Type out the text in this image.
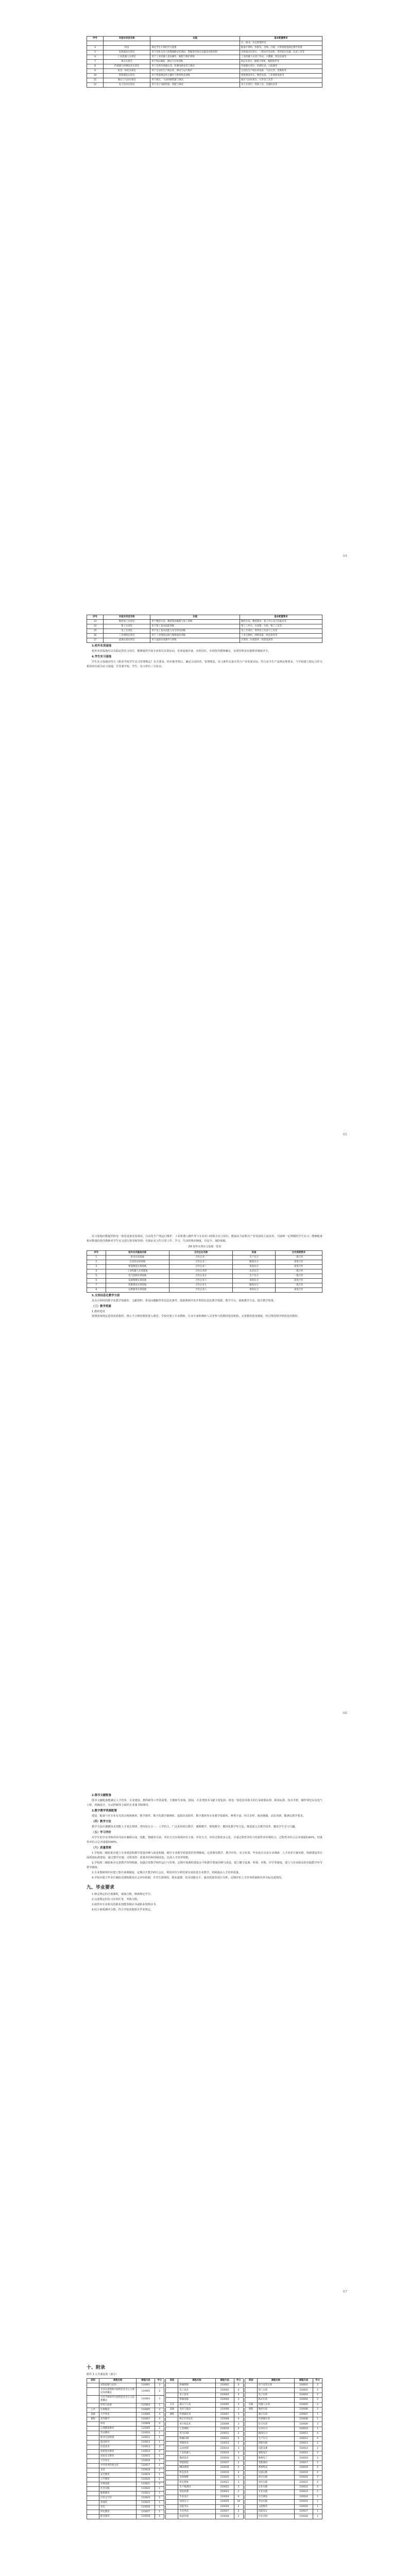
序号	实验实训室名称	功能	基本配置要求
			台，图书、杂志和资料室
4	机房	满足学生计算机学习需要	配备计算机、投影仪、音响、白板；计算机配置满足教学需要
5	电机拖动实训室	用于电机及电气控制线路安装调试，掌握常用低压电器及电机控制	电机拖动实训台、三相异步电动机、常用低压电器、仪表工具等
6	工业机器人实训室	用于工业机器人基本操作、编程与维护训练	工业机器人实训工作站、示教器、周边设备等
7	PLC实训室	用于PLC编程、调试与应用训练	PLC实训台、编程计算机、编程软件等
8	传感器与检测技术实训室	用于各类传感器认知、检测电路安装与调试	传感器实训台、检测仪表、示波器等
9	机电一体化实训室	用于自动化生产线安装、调试与运行维护	自动化生产线实训设备、气动元件、控制柜等
10	智能制造实训室	用于智能制造单元操作与系统集成训练	智能制造单元、数控设备、工业网络设备等
11	液压与气动实训室	用于液压、气动回路搭建与调试	液压气动实训台、元件及工具等
12	电子技术实训室	用于电子电路焊接、装配与调试	电子实训台、焊接工具、仪器仪表等
44
序号	实验实训室名称	功能	基本配置要求
13	数控加工实训室	用于数控车床、数控铣床编程与加工训练	数控车床、数控铣床、加工中心及刀具量具等
14	钳工实训室	用于钳工基本技能训练	钳工工作台、台虎钳、台钻、钳工工具等
15	电工实训室	用于电工基本技能与安全用电训练	电工实训台、常用电工仪表与工具等
16	工业网络实训室	用于工业现场总线与网络通信训练	工业交换机、网络设备、组态软件等
17	虚拟仿真实训室	用于虚拟仿真教学与训练	计算机、仿真软件、投影设备等
3.校外实训基地

校外实训基地应具有稳定的实习岗位，能够提供开展专业相关实训活动，实训设施齐备，实训岗位、实训指导教师确定，实训管理及实施规章制度齐全。

4.学生实习基地

学生实习基地应符合《职业学校学生实习管理规定》有关要求，经实地考察后，确定合法经营、管理规范，实习条件完备且符合产业发展实际、符合安全生产法律法规要求，与学校建立稳定合作关系的单位成为实习基地，并签署学校、学生、实习单位三方协议。

45

实习基地应能提供机电一体化设备安装调试、自动化生产线运行维护、工业机器人操作等与专业对口的相关实习岗位，能涵盖当前相关产业发展的主流技术，可接纳一定规模的学生实习；能够配备相应数量的指导教师对学生实习进行指导和管理；有保证实习生日常工作、学习、生活的规章制度，有安全、保险保障。

表6 校外实训实习基地一览表
序号	校外实训基地名称	合作企业名称	用途	合作深度要求
1	机电实训基地	合作企业一	生产实习	一般合作
2	自动化实训基地	合作企业二	跟岗实习	深度合作
3	智能制造实训基地	合作企业三	顶岗实习	深度合作
4	工业机器人实训基地	合作企业四	认识实习	一般合作
5	电气控制实训基地	合作企业五	生产实习	一般合作
6	设备维修实训基地	合作企业六	顶岗实习	深度合作
7	装配调试实训基地	合作企业七	跟岗实习	一般合作
8	运维服务实训基地	合作企业八	顶岗实习	深度合作
5.支持信息化教学方面

具有可利用的数字化教学资源库、文献资料、常见问题解答等信息化条件。鼓励教师开发并利用信息化教学资源、教学平台，创新教学方法，提升教学效果。

（三）教学资源
1.教材选用

按照国家规定选用优质教材，禁止不合格的教材进入课堂。学校应建立专业教师、行业专家和教研人员等参与的教材选用机构，完善教材选用制度，经过规范程序择优选用教材。

46
2.图书文献配备

图书文献配备能满足人才培养、专业建设、教科研等工作的需要，方便师生查询、借阅。专业类图书文献主要包括：机电一体化技术相关的行业政策法规、职业标准、技术手册、操作规范以及电气工程、机械设计、自动控制等方面的专业图书和期刊。

3.数字教学资源配置

建设、配备与本专业有关的音视频素材、教学课件、数字化教学案例库、虚拟仿真软件、数字教材等专业教学资源库，种类丰富、形式多样、使用便捷、动态更新，能满足教学要求。

（四）教学方法

教学方法应遵循技术技能人才成长规律，坚持知行合一、工学结合，广泛采用项目教学、案例教学、情境教学、模块化教学等方法，推进混合式教学改革，激发学生学习兴趣。

（五）学习评价

对学生的学业考核评价内容应兼顾认知、技能、情感等方面，评价方式应体现评价主体、评价方式、评价过程的多元化，注重过程性评价与结果性评价相结合。过程性评价占总评成绩的40%，结果性评价占总评成绩的60%。

（六）质量管理

1.学校和二级院系应建立专业建设和教学质量诊断与改进机制，健全专业教学质量监控管理制度，完善课堂教学、教学评价、实习实训、毕业设计以及专业调研、人才培养方案更新、资源建设等方面质量标准建设，通过教学实施、过程监控、质量评价和持续改进，达成人才培养规格。

2.学校和二级院系应完善教学管理机制，加强日常教学组织运行与管理，定期开展课程建设水平和教学质量诊断与改进，建立健全巡课、听课、评教、评学等制度，建立与企业联动的实践教学环节督导制度。

3.专业教研组织应建立集中备课制度，定期召开教学研讨会议，利用评价分析结果有效改进专业教学，持续提高人才培养质量。

4.学校应建立毕业生跟踪反馈机制及社会评价机制，并对生源情况、职业道德、技术技能水平、就业质量等进行分析，定期评价人才培养质量和培养目标达成情况。

九、毕业要求

1.修完规定的全部课程，成绩合格，修满规定学分。

2.完成规定的实习实训任务，考核合格。

3.取得本专业相关的职业技能等级证书或职业资格证书。

4.综合素质测评合格，符合学校其他相关毕业规定。

47
十、附录
附件 1 公共课设置（部分）
类别	课程名称	课程代码	学分
	思想道德与法治	110001	3
	毛泽东思想和中国特色社会主义理论体系概论	110002	2
	习近平新时代中国特色社会主义思想概论	110003	3
	形势与政策	110004	1
公共	军事理论	110005	2
基础	大学英语	110006	4
课程	高等数学	110007	4
	体育	110008	4
	心理健康教育	110009	2
	劳动教育	110010	1
	职业生涯规划	110011	1
	就业指导	110012	1
	信息技术	110013	3
	创新创业教育	110014	2
	国家安全教育	110015	1
	大学语文	110016	2
	中华优秀传统文化	110017	1
	美育	110018	2
	安全教育	110019	1
	入学教育	110020	1
	军事技能	110021	2
	社会实践	110022	1
	健康教育	110023	1
	应用文写作	110024	2
	普通话	110025	1
	党史	110026	1
	四史教育	110027	1
	职业素养	110028	1
类别	课程名称	课程代码	学分
	机械制图	210001	4
	电工技术	210002	4
	电子技术	210003	4
	机械基础	210004	3
专业	液压与气动	210005	3
基础	电机与拖动	210006	3
课程	传感器技术	210007	3
	PLC应用技术	210008	4
	单片机技术	210009	3
	工业网络	210010	2
	电气CAD	210011	2
	机械CAD	210012	2
	变频技术	210013	2
	运动控制	210014	3
	工业机器人	210015	3
	数控技术	210016	3
	智能制造	210017	2
	MES系统	210018	2
	组态技术	210019	2
	设备维修	210020	3
	机电系统	210021	3
	生产线调试	210022	3
	视觉检测	210023	2
	毕业设计	210024	6
	顶岗实习	210025	18
	技能考证	210026	2
	专业英语	210027	2
	质量管理	210028	2
类别	课程名称	课程代码	学分
	电气安装实训	310001	2
	钳工实训	310002	2
	电子实训	310003	2
	PLC实训	310004	2
实践	机器人实训	310005	2
课程	数控实训	310006	2
	液压实训	310007	1
	传感器实训	310008	1
	综合实训	310009	3
	认识实习	310010	1
	跟岗实习	310011	4
	生产实习	310012	4
	创新实践	310013	2
	技能竞赛	310014	2
	课程设计	310015	2
	维修电工	310016	2
	装配调试	310017	2
	系统集成	310018	2
	设备运维	310019	2
	项目实践	310020	3
	岗位实践	310021	4
	企业实践	310022	4
	专业实践	310023	2
	社会调查	310024	1
	劳动实践	310025	1
	志愿服务	310026	1
	技能鉴定	310027	1
	毕业答辩	310028	1
